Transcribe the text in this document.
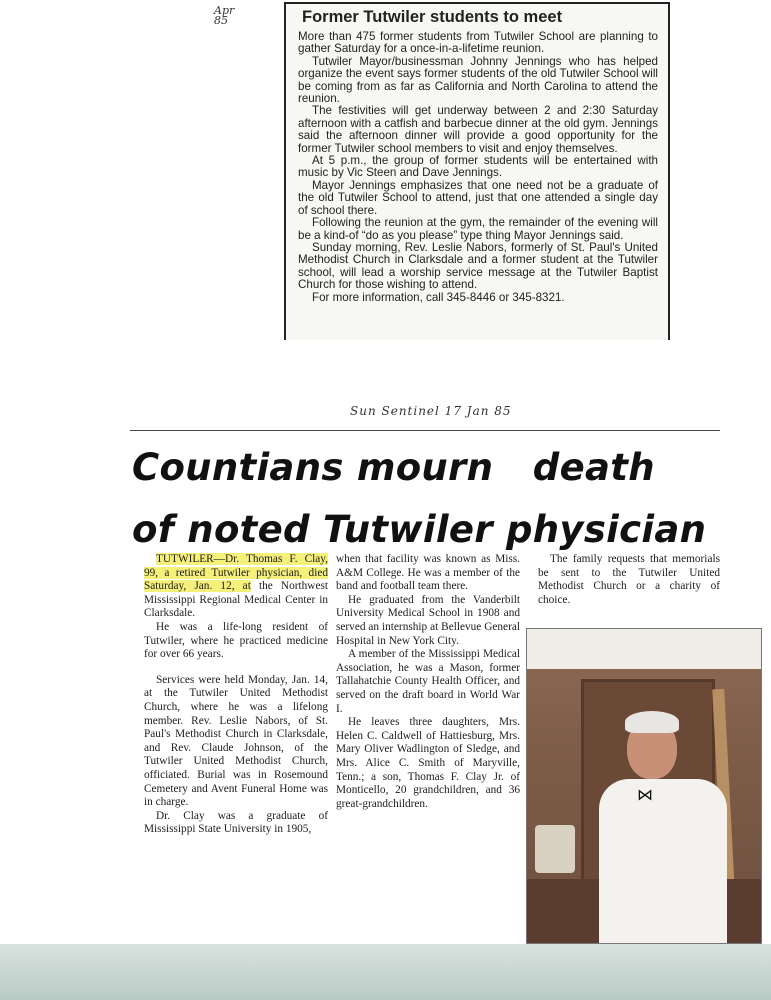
Apr 85	Former Tutwiler students to meet

More than 475 former students from Tutwiler School are planning to gather Saturday for a once-in-a-lifetime reunion.

Tutwiler Mayor/businessman Johnny Jennings who has helped organize the event says former students of the old Tutwiler School will be coming from as far as California and North Carolina to attend the reunion.

The festivities will get underway between 2 and 2:30 Saturday afternoon with a catfish and barbecue dinner at the old gym. Jennings said the afternoon dinner will provide a good opportunity for the former Tutwiler school members to visit and enjoy themselves.

At 5 p.m., the group of former students will be entertained with music by Vic Steen and Dave Jennings.

Mayor Jennings emphasizes that one need not be a graduate of the old Tutwiler School to attend, just that one attended a single day of school there.

Following the reunion at the gym, the remainder of the evening will be a kind-of “do as you please” type thing Mayor Jennings said.

Sunday morning, Rev. Leslie Nabors, formerly of St. Paul's United Methodist Church in Clarksdale and a former student at the Tutwiler school, will lead a worship service message at the Tutwiler Baptist Church for those wishing to attend.

For more information, call 345-8446 or 345-8321.

Sun Sentinel 17 Jan 85
Countians mourn   death
of noted Tutwiler physician

TUTWILER—Dr. Thomas F. Clay, 99, a retired Tutwiler physician, died Saturday, Jan. 12, at the Northwest Mississippi Regional Medical Center in Clarksdale.

He was a life-long resident of Tutwiler, where he practiced medicine for over 66 years.

Services were held Monday, Jan. 14, at the Tutwiler United Methodist Church, where he was a lifelong member. Rev. Leslie Nabors, of St. Paul's Methodist Church in Clarksdale, and Rev. Claude Johnson, of the Tutwiler United Methodist Church, officiated. Burial was in Rosemound Cemetery and Avent Funeral Home was in charge.

Dr. Clay was a graduate of Mississippi State University in 1905,

when that facility was known as Miss. A&M College. He was a member of the band and football team there.

He graduated from the Vanderbilt University Medical School in 1908 and served an internship at Bellevue General Hospital in New York City.

A member of the Mississippi Medical Association, he was a Mason, former Tallahatchie County Health Officer, and served on the draft board in World War I.

He leaves three daughters, Mrs. Helen C. Caldwell of Hattiesburg, Mrs. Mary Oliver Wadlington of Sledge, and Mrs. Alice C. Smith of Maryville, Tenn.; a son, Thomas F. Clay Jr. of Monticello, 20 grandchildren, and 36 great-grandchildren.

The family requests that memorials be sent to the Tutwiler United Methodist Church or a charity of choice.

⋈
